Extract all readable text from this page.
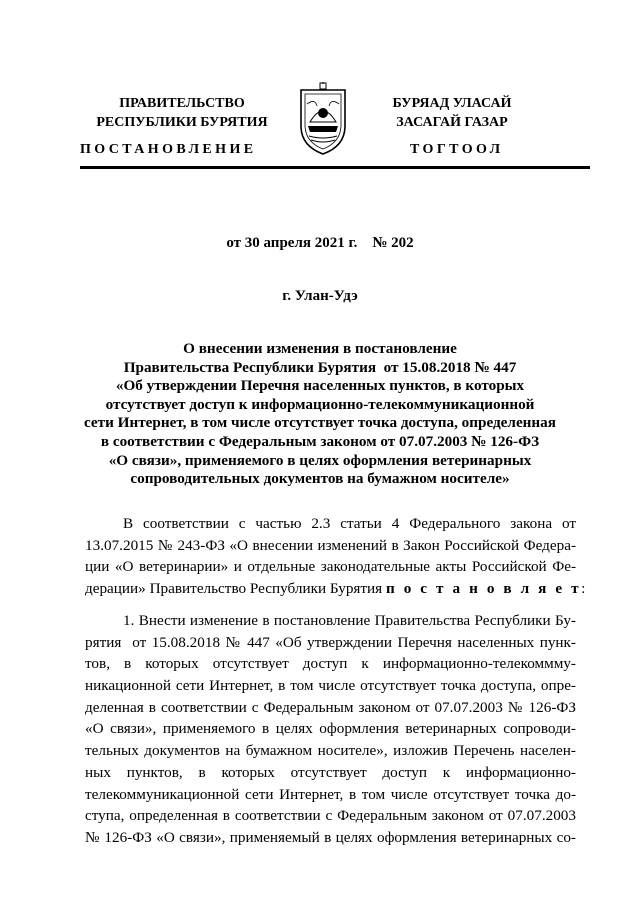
ПРАВИТЕЛЬСТВО
РЕСПУБЛИКИ БУРЯТИЯ
БУРЯАД УЛАСАЙ
ЗАСАГАЙ ГАЗАР
ПОСТАНОВЛЕНИЕ	ТОГТООЛ
от 30 апреля 2021 г.    № 202
г. Улан-Удэ
О внесении изменения в постановление
Правительства Республики Бурятия  от 15.08.2018 № 447
«Об утверждении Перечня населенных пунктов, в которых
отсутствует доступ к информационно-телекоммуникационной
сети Интернет, в том числе отсутствует точка доступа, определенная
в соответствии с Федеральным законом от 07.07.2003 № 126-ФЗ
«О связи», применяемого в целях оформления ветеринарных
сопроводительных документов на бумажном носителе»
В соответствии с частью 2.3 статьи 4 Федерального закона от
13.07.2015 № 243-ФЗ «О внесении изменений в Закон Российской Федера-
ции «О ветеринарии» и отдельные законодательные акты Российской Фе-
дерации» Правительство Республики Бурятия п о с т а н о в л я е т:
1. Внести изменение в постановление Правительства Республики Бу-
рятия  от 15.08.2018 № 447 «Об утверждении Перечня населенных пунк-
тов,  в  которых  отсутствует  доступ  к  информационно-телекоммму-
никационной сети Интернет, в том числе отсутствует точка доступа, опре-
деленная в соответствии с Федеральным законом от 07.07.2003 № 126-ФЗ
«О связи», применяемого в целях оформления ветеринарных сопроводи-
тельных документов на бумажном носителе», изложив Перечень населен-
ных  пунктов,  в  которых  отсутствует  доступ  к  информационно-
телекоммуникационной сети Интернет, в том числе отсутствует точка до-
ступа, определенная в соответствии с Федеральным законом от 07.07.2003
№ 126-ФЗ «О связи», применяемый в целях оформления ветеринарных со-
